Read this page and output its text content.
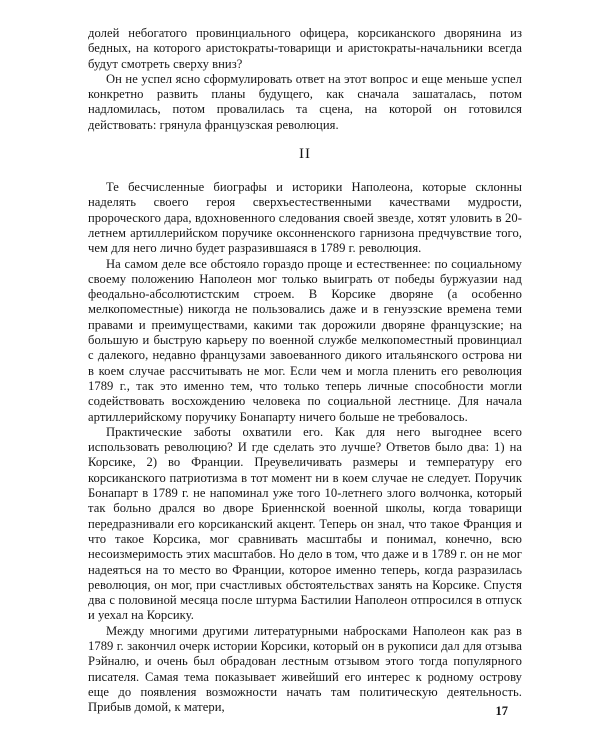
долей небогатого провинциального офицера, корсиканского дворянина из бедных, на которого аристократы-товарищи и аристократы-начальники всегда будут смотреть сверху вниз?

Он не успел ясно сформулировать ответ на этот вопрос и еще меньше успел конкретно развить планы будущего, как сначала зашаталась, потом надломилась, потом провалилась та сцена, на которой он готовился действовать: грянула французская революция.

II

Те бесчисленные биографы и историки Наполеона, которые склонны наделять своего героя сверхъестественными качествами мудрости, пророческого дара, вдохновенного следования своей звезде, хотят уловить в 20-летнем артиллерийском поручике оксонненского гарнизона предчувствие того, чем для него лично будет разразившаяся в 1789 г. революция.

На самом деле все обстояло гораздо проще и естественнее: по социальному своему положению Наполеон мог только выиграть от победы буржуазии над феодально-абсолютистским строем. В Корсике дворяне (а особенно мелкопоместные) никогда не пользовались даже и в генуэзские времена теми правами и преимуществами, какими так дорожили дворяне французские; на большую и быструю карьеру по военной службе мелкопоместный провинциал с далекого, недавно французами завоеванного дикого итальянского острова ни в коем случае рассчитывать не мог. Если чем и могла пленить его революция 1789 г., так это именно тем, что только теперь личные способности могли содействовать восхождению человека по социальной лестнице. Для начала артиллерийскому поручику Бонапарту ничего больше не требовалось.

Практические заботы охватили его. Как для него выгоднее всего использовать революцию? И где сделать это лучше? Ответов было два: 1) на Корсике, 2) во Франции. Преувеличивать размеры и температуру его корсиканского патриотизма в тот момент ни в коем случае не следует. Поручик Бонапарт в 1789 г. не напоминал уже того 10-летнего злого волчонка, который так больно дрался во дворе Бриеннской военной школы, когда товарищи передразнивали его корсиканский акцент. Теперь он знал, что такое Франция и что такое Корсика, мог сравнивать масштабы и понимал, конечно, всю несоизмеримость этих масштабов. Но дело в том, что даже и в 1789 г. он не мог надеяться на то место во Франции, которое именно теперь, когда разразилась революция, он мог, при счастливых обстоятельствах занять на Корсике. Спустя два с половиной месяца после штурма Бастилии Наполеон отпросился в отпуск и уехал на Корсику.

Между многими другими литературными набросками Наполеон как раз в 1789 г. закончил очерк истории Корсики, который он в рукописи дал для отзыва Рэйналю, и очень был обрадован лестным отзывом этого тогда популярного писателя. Самая тема показывает живейший его интерес к родному острову еще до появления возможности начать там политическую деятельность. Прибыв домой, к матери,	17
